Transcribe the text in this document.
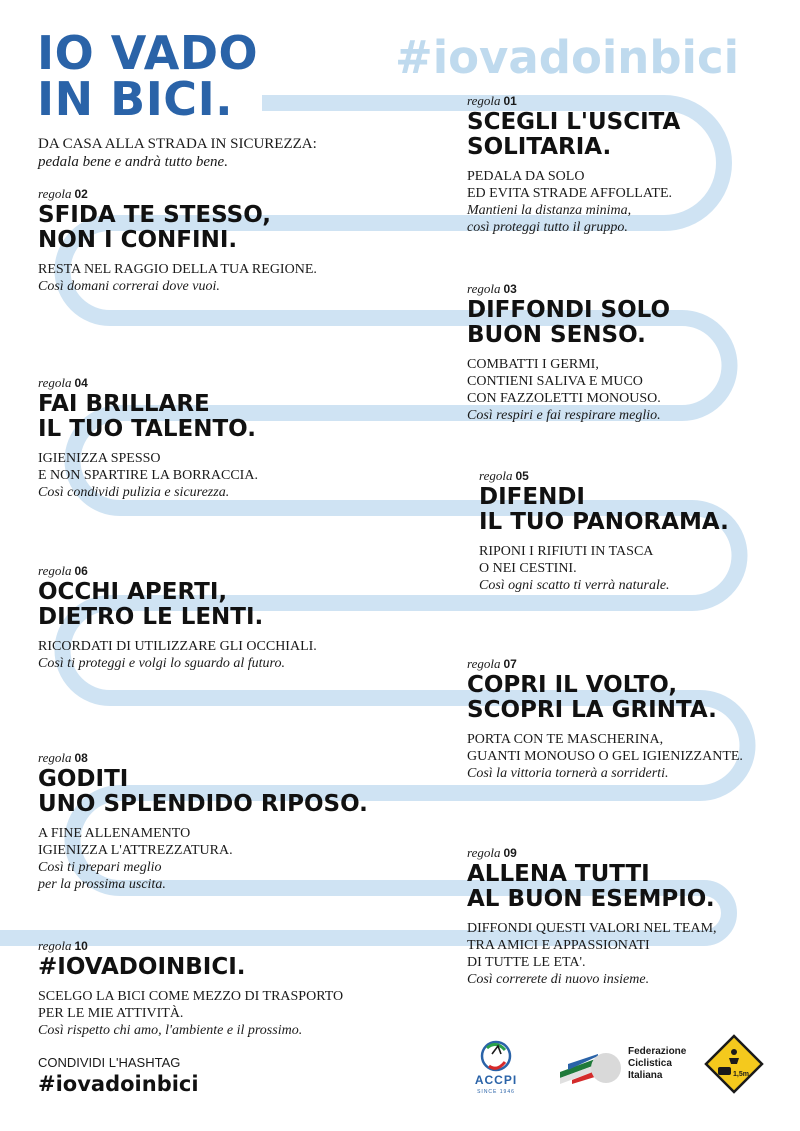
IO VADO
IN BICI.
#iovadoinbici
DA CASA ALLA STRADA IN SICUREZZA:
pedala bene e andrà tutto bene.
regola 01
SCEGLI L'USCITA
SOLITARIA.
PEDALA DA SOLO
ED EVITA STRADE AFFOLLATE.
Mantieni la distanza minima,
così proteggi tutto il gruppo.
regola 02
SFIDA TE STESSO,
NON I CONFINI.
RESTA NEL RAGGIO DELLA TUA REGIONE.
Così domani correrai dove vuoi.	regola 03
DIFFONDI SOLO
BUON SENSO.
COMBATTI I GERMI,
CONTIENI SALIVA E MUCO
CON FAZZOLETTI MONOUSO.
Così respiri e fai respirare meglio.
regola 04
FAI BRILLARE
IL TUO TALENTO.
IGIENIZZA SPESSO
E NON SPARTIRE LA BORRACCIA.
Così condividi pulizia e sicurezza.
regola 05
DIFENDI
IL TUO PANORAMA.
RIPONI I RIFIUTI IN TASCA
O NEI CESTINI.
Così ogni scatto ti verrà naturale.
regola 06
OCCHI APERTI,
DIETRO LE LENTI.
RICORDATI DI UTILIZZARE GLI OCCHIALI.
Così ti proteggi e volgi lo sguardo al futuro.	regola 07
COPRI IL VOLTO,
SCOPRI LA GRINTA.
PORTA CON TE MASCHERINA,
GUANTI MONOUSO O GEL IGIENIZZANTE.
Così la vittoria tornerà a sorriderti.
regola 08
GODITI
UNO SPLENDIDO RIPOSO.
A FINE ALLENAMENTO
IGIENIZZA L'ATTREZZATURA.
Così ti prepari meglio
per la prossima uscita.
regola 09
ALLENA TUTTI
AL BUON ESEMPIO.
DIFFONDI QUESTI VALORI NEL TEAM,
TRA AMICI E APPASSIONATI
DI TUTTE LE ETA'.
Così correrete di nuovo insieme.
regola 10
#IOVADOINBICI.
SCELGO LA BICI COME MEZZO DI TRASPORTO
PER LE MIE ATTIVITÀ.
Così rispetto chi amo, l'ambiente e il prossimo.
CONDIVIDI L'HASHTAG
#iovadoinbici	ACCPI
SINCE 1946
Federazione
Ciclistica
Italiana	1,5m
